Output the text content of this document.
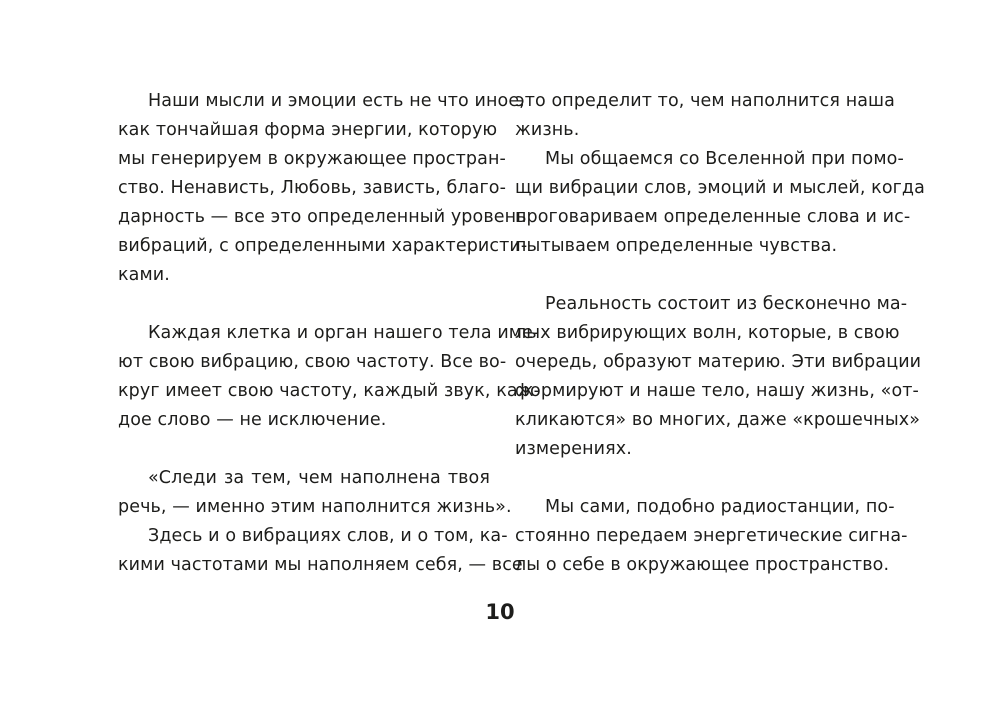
Наши мысли и эмоции есть не что иное,
как тончайшая форма энергии, которую
мы генерируем в окружающее простран-
ство. Ненависть, Любовь, зависть, благо-
дарность — все это определенный уровень
вибраций, с определенными характеристи-
ками.
Каждая клетка и орган нашего тела име-
ют свою вибрацию, свою частоту. Все во-
круг имеет свою частоту, каждый звук, каж-
дое слово — не исключение.
«Следи за тем, чем наполнена твоя
речь, — именно этим наполнится жизнь».
Здесь и о вибрациях слов, и о том, ка-
кими частотами мы наполняем себя, — все
это определит то, чем наполнится наша
жизнь.
Мы общаемся со Вселенной при помо-
щи вибрации слов, эмоций и мыслей, когда
проговариваем определенные слова и ис-
пытываем определенные чувства.
Реальность состоит из бесконечно ма-
лых вибрирующих волн, которые, в свою
очередь, образуют материю. Эти вибрации
формируют и наше тело, нашу жизнь, «от-
кликаются» во многих, даже «крошечных»
измерениях.
Мы сами, подобно радиостанции, по-
стоянно передаем энергетические сигна-
лы о себе в окружающее пространство.
10
